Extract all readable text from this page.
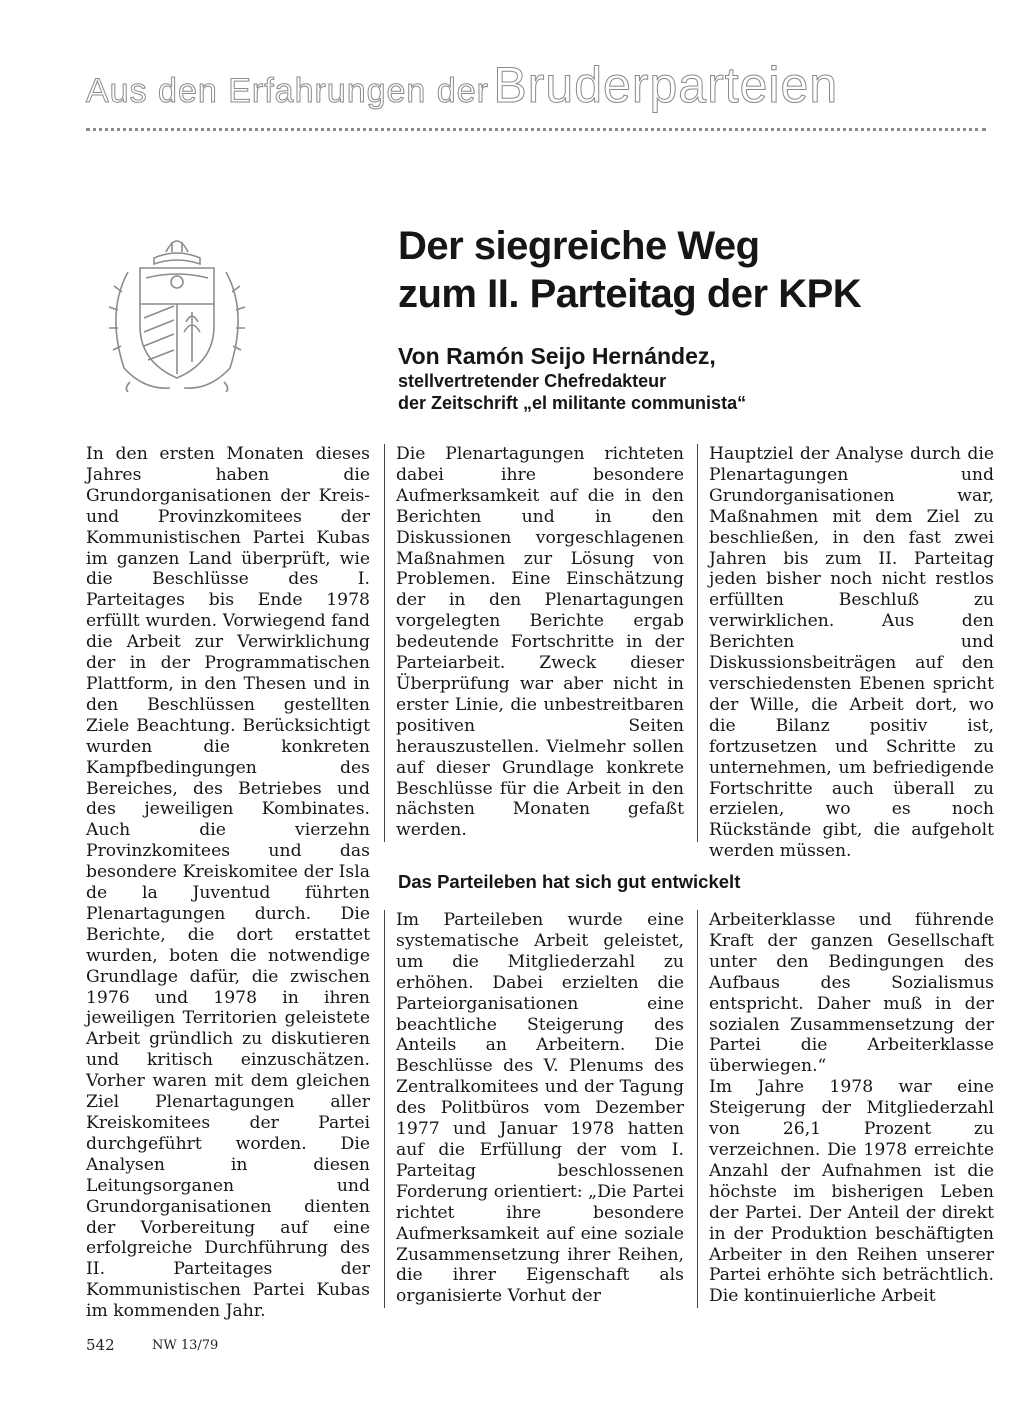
Aus den Erfahrungen der Bruderparteien
Der siegreiche Weg
zum II. Parteitag der KPK
Von Ramón Seijo Hernández,
stellvertretender Chefredakteur
der Zeitschrift „el militante communista“

In den ersten Monaten dieses Jahres haben die Grundorganisationen der Kreis- und Provinzkomitees der Kommunistischen Partei Kubas im ganzen Land überprüft, wie die Beschlüsse des I. Parteitages bis Ende 1978 erfüllt wurden. Vorwiegend fand die Arbeit zur Verwirklichung der in der Programmatischen Plattform, in den Thesen und in den Beschlüssen gestellten Ziele Beachtung. Berücksichtigt wurden die konkreten Kampfbedingungen des Bereiches, des Betriebes und des jeweiligen Kombinates. Auch die vierzehn Provinzkomitees und das besondere Kreiskomitee der Isla de la Juventud führten Plenartagungen durch. Die Berichte, die dort erstattet wurden, boten die notwendige Grundlage dafür, die zwischen 1976 und 1978 in ihren jeweiligen Territorien geleistete Arbeit gründlich zu diskutieren und kritisch einzuschätzen. Vorher waren mit dem gleichen Ziel Plenartagungen aller Kreiskomitees der Partei durchgeführt worden. Die Analysen in diesen Leitungsorganen und Grundorganisationen dienten der Vorbereitung auf eine erfolgreiche Durchführung des II. Parteitages der Kommunistischen Partei Kubas im kommenden Jahr.

Die Plenartagungen richteten dabei ihre besondere Aufmerksamkeit auf die in den Berichten und in den Diskussionen vorgeschlagenen Maßnahmen zur Lösung von Problemen. Eine Einschätzung der in den Plenartagungen vorgelegten Berichte ergab bedeutende Fortschritte in der Parteiarbeit. Zweck dieser Überprüfung war aber nicht in erster Linie, die unbestreitbaren positiven Seiten herauszustellen. Vielmehr sollen auf dieser Grundlage konkrete Beschlüsse für die Arbeit in den nächsten Monaten gefaßt werden.

Hauptziel der Analyse durch die Plenartagungen und Grundorganisationen war, Maßnahmen mit dem Ziel zu beschließen, in den fast zwei Jahren bis zum II. Parteitag jeden bisher noch nicht restlos erfüllten Beschluß zu verwirklichen. Aus den Berichten und Diskussionsbeiträgen auf den verschiedensten Ebenen spricht der Wille, die Arbeit dort, wo die Bilanz positiv ist, fortzusetzen und Schritte zu unternehmen, um befriedigende Fortschritte auch überall zu erzielen, wo es noch Rückstände gibt, die aufgeholt werden müssen.

Das Parteileben hat sich gut entwickelt

Im Parteileben wurde eine systematische Arbeit geleistet, um die Mitgliederzahl zu erhöhen. Dabei erzielten die Parteiorganisationen eine beachtliche Steigerung des Anteils an Arbeitern. Die Beschlüsse des V. Plenums des Zentralkomitees und der Tagung des Politbüros vom Dezember 1977 und Januar 1978 hatten auf die Erfüllung der vom I. Parteitag beschlossenen Forderung orientiert: „Die Partei richtet ihre besondere Aufmerksamkeit auf eine soziale Zusammensetzung ihrer Reihen, die ihrer Eigenschaft als organisierte Vorhut der

Arbeiterklasse und führende Kraft der ganzen Gesellschaft unter den Bedingungen des Aufbaus des Sozialismus entspricht. Daher muß in der sozialen Zusammensetzung der Partei die Arbeiterklasse überwiegen.“

Im Jahre 1978 war eine Steigerung der Mitgliederzahl von 26,1 Prozent zu verzeichnen. Die 1978 erreichte Anzahl der Aufnahmen ist die höchste im bisherigen Leben der Partei. Der Anteil der direkt in der Produktion beschäftigten Arbeiter in den Reihen unserer Partei erhöhte sich beträchtlich. Die kontinuierliche Arbeit

542	NW 13/79
